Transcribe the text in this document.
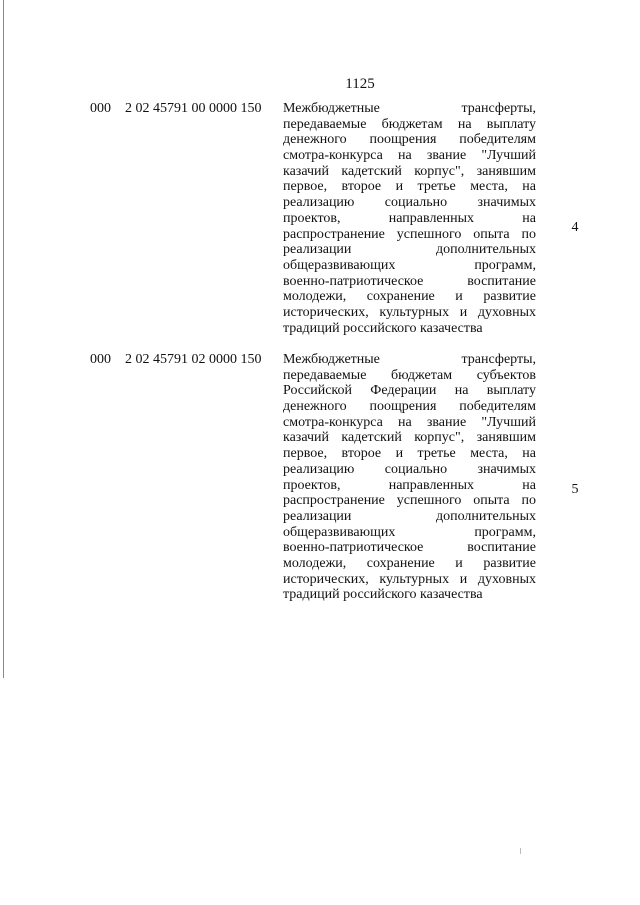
1125
000 2 02 45791 00 0000 150 Межбюджетные трансферты,
передаваемые бюджетам на выплату
денежного поощрения победителям
смотра-конкурса на звание "Лучший
казачий кадетский корпус", занявшим
первое, второе и третье места, на
реализацию социально значимых
проектов, направленных на
распространение успешного опыта по
реализации дополнительных
общеразвивающих программ,
военно-патриотическое воспитание
молодежи, сохранение и развитие
исторических, культурных и духовных
традиций российского казачества
4
000 2 02 45791 02 0000 150 Межбюджетные трансферты,
передаваемые бюджетам субъектов
Российской Федерации на выплату
денежного поощрения победителям
смотра-конкурса на звание "Лучший
казачий кадетский корпус", занявшим
первое, второе и третье места, на
реализацию социально значимых
проектов, направленных на
распространение успешного опыта по
реализации дополнительных
общеразвивающих программ,
военно-патриотическое воспитание
молодежи, сохранение и развитие
исторических, культурных и духовных
традиций российского казачества
5
